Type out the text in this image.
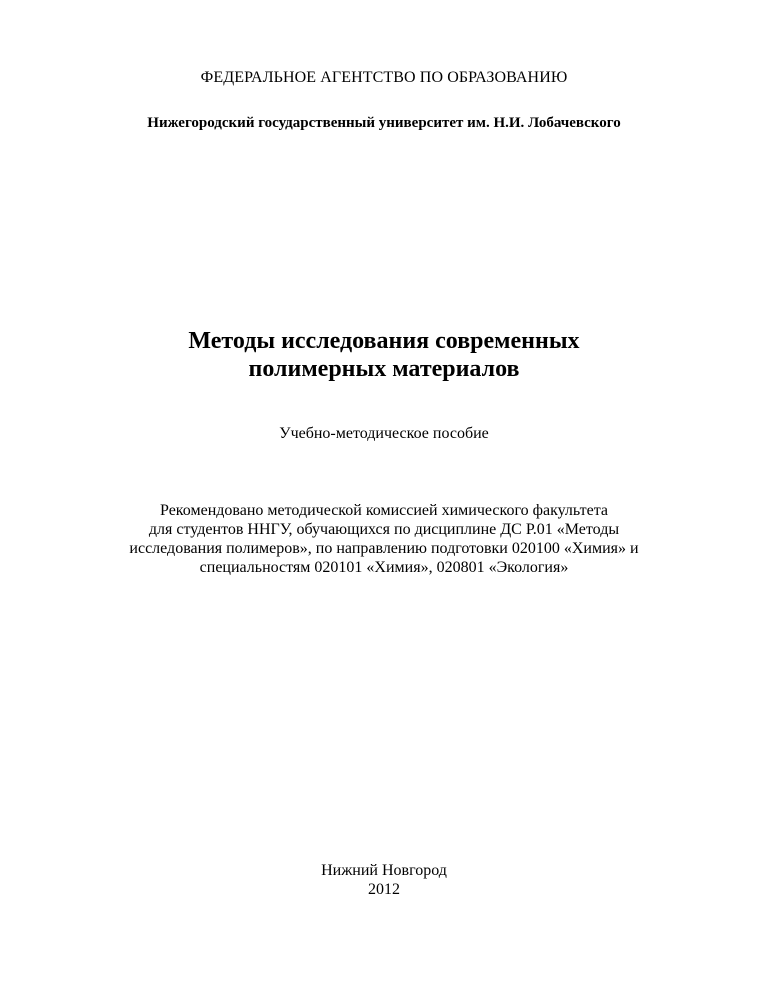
ФЕДЕРАЛЬНОЕ АГЕНТСТВО ПО ОБРАЗОВАНИЮ

Нижегородский государственный университет им. Н.И. Лобачевского

Методы исследования современных
полимерных материалов

Учебно-методическое пособие

Рекомендовано методической комиссией химического факультета
для студентов ННГУ, обучающихся по дисциплине ДС Р.01 «Методы
исследования полимеров», по направлению подготовки 020100 «Химия» и
специальностям 020101 «Химия», 020801 «Экология»
Нижний Новгород
2012
